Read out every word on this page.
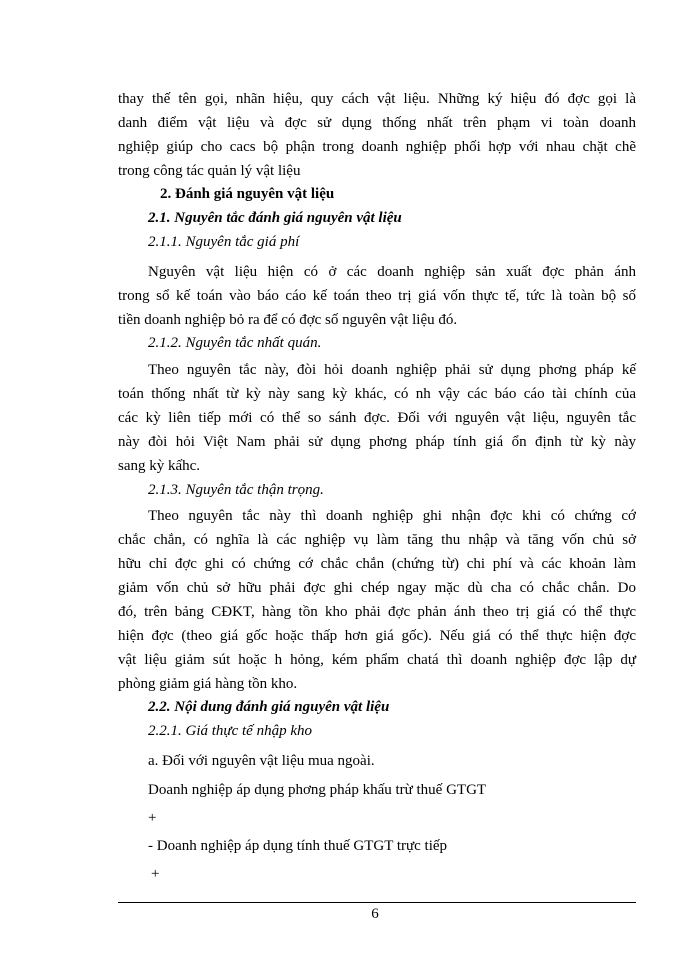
thay thế tên gọi, nhãn hiệu, quy cách vật liệu. Những ký hiệu đó đợc gọi là
danh điểm vật liệu và đợc sử dụng thống nhất trên phạm vi toàn doanh
nghiệp giúp cho cacs bộ phận trong doanh nghiệp phối hợp với nhau chặt chẽ
trong công tác quản lý vật liệu
2. Đánh giá nguyên vật liệu
2.1. Nguyên tắc đánh giá nguyên vật liệu
2.1.1. Nguyên tắc giá phí
Nguyên vật liệu hiện có ở các doanh nghiệp sản xuất đợc phản ánh
trong sổ kế toán vào báo cáo kế toán theo trị giá vốn thực tế, tức là toàn bộ số
tiền doanh nghiệp bỏ ra để có đợc số nguyên vật liệu đó.
2.1.2. Nguyên tắc nhất quán.
Theo nguyên tắc này, đòi hỏi doanh nghiệp phải sử dụng phơng pháp kế
toán thống nhất từ kỳ này sang kỳ khác, có nh vậy các báo cáo tài chính của
các kỳ liên tiếp mới có thể so sánh đợc. Đối với nguyên vật liệu, nguyên tắc
này đòi hỏi Việt Nam phải sử dụng phơng pháp tính giá ổn định từ kỳ này
sang kỳ kấhc.
2.1.3. Nguyên tắc thận trọng.
Theo nguyên tắc này thì doanh nghiệp ghi nhận đợc khi có chứng cớ
chắc chắn, có nghĩa là các nghiệp vụ làm tăng thu nhập và tăng vốn chủ sở
hữu chỉ đợc ghi có chứng cớ chắc chắn (chứng từ) chi phí và các khoản làm
giảm vốn chủ sở hữu phải đợc ghi chép ngay mặc dù cha có chắc chắn. Do
đó, trên bảng CĐKT, hàng tồn kho phải đợc phản ánh theo trị giá có thể thực
hiện đợc (theo giá gốc hoặc thấp hơn giá gốc). Nếu giá có thể thực hiện đợc
vật liệu giảm sút hoặc h hỏng, kém phẩm chatá thì doanh nghiệp đợc lập dự
phòng giảm giá hàng tồn kho.
2.2. Nội dung đánh giá nguyên vật liệu
2.2.1. Giá thực tế nhập kho
a. Đối với nguyên vật liệu mua ngoài.
Doanh nghiệp áp dụng phơng pháp khấu trừ thuế GTGT
+
- Doanh nghiệp áp dụng tính thuế GTGT trực tiếp
+
6
